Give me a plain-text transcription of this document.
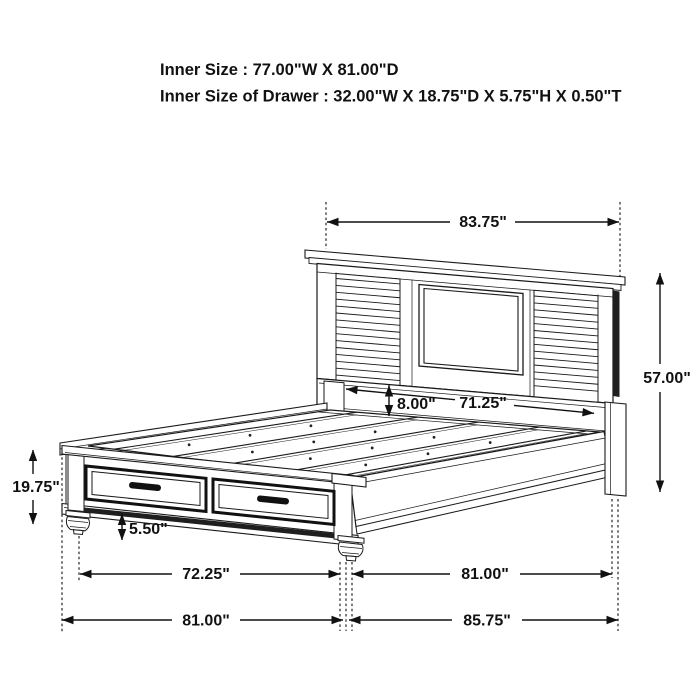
83.75"
57.00"
8.00" 71.25"
19.75"
5.50"
72.25"	81.00"
81.00"	85.75"
Inner Size : 77.00"W X 81.00"D
Inner Size of Drawer : 32.00"W X 18.75"D X 5.75"H X 0.50"T
